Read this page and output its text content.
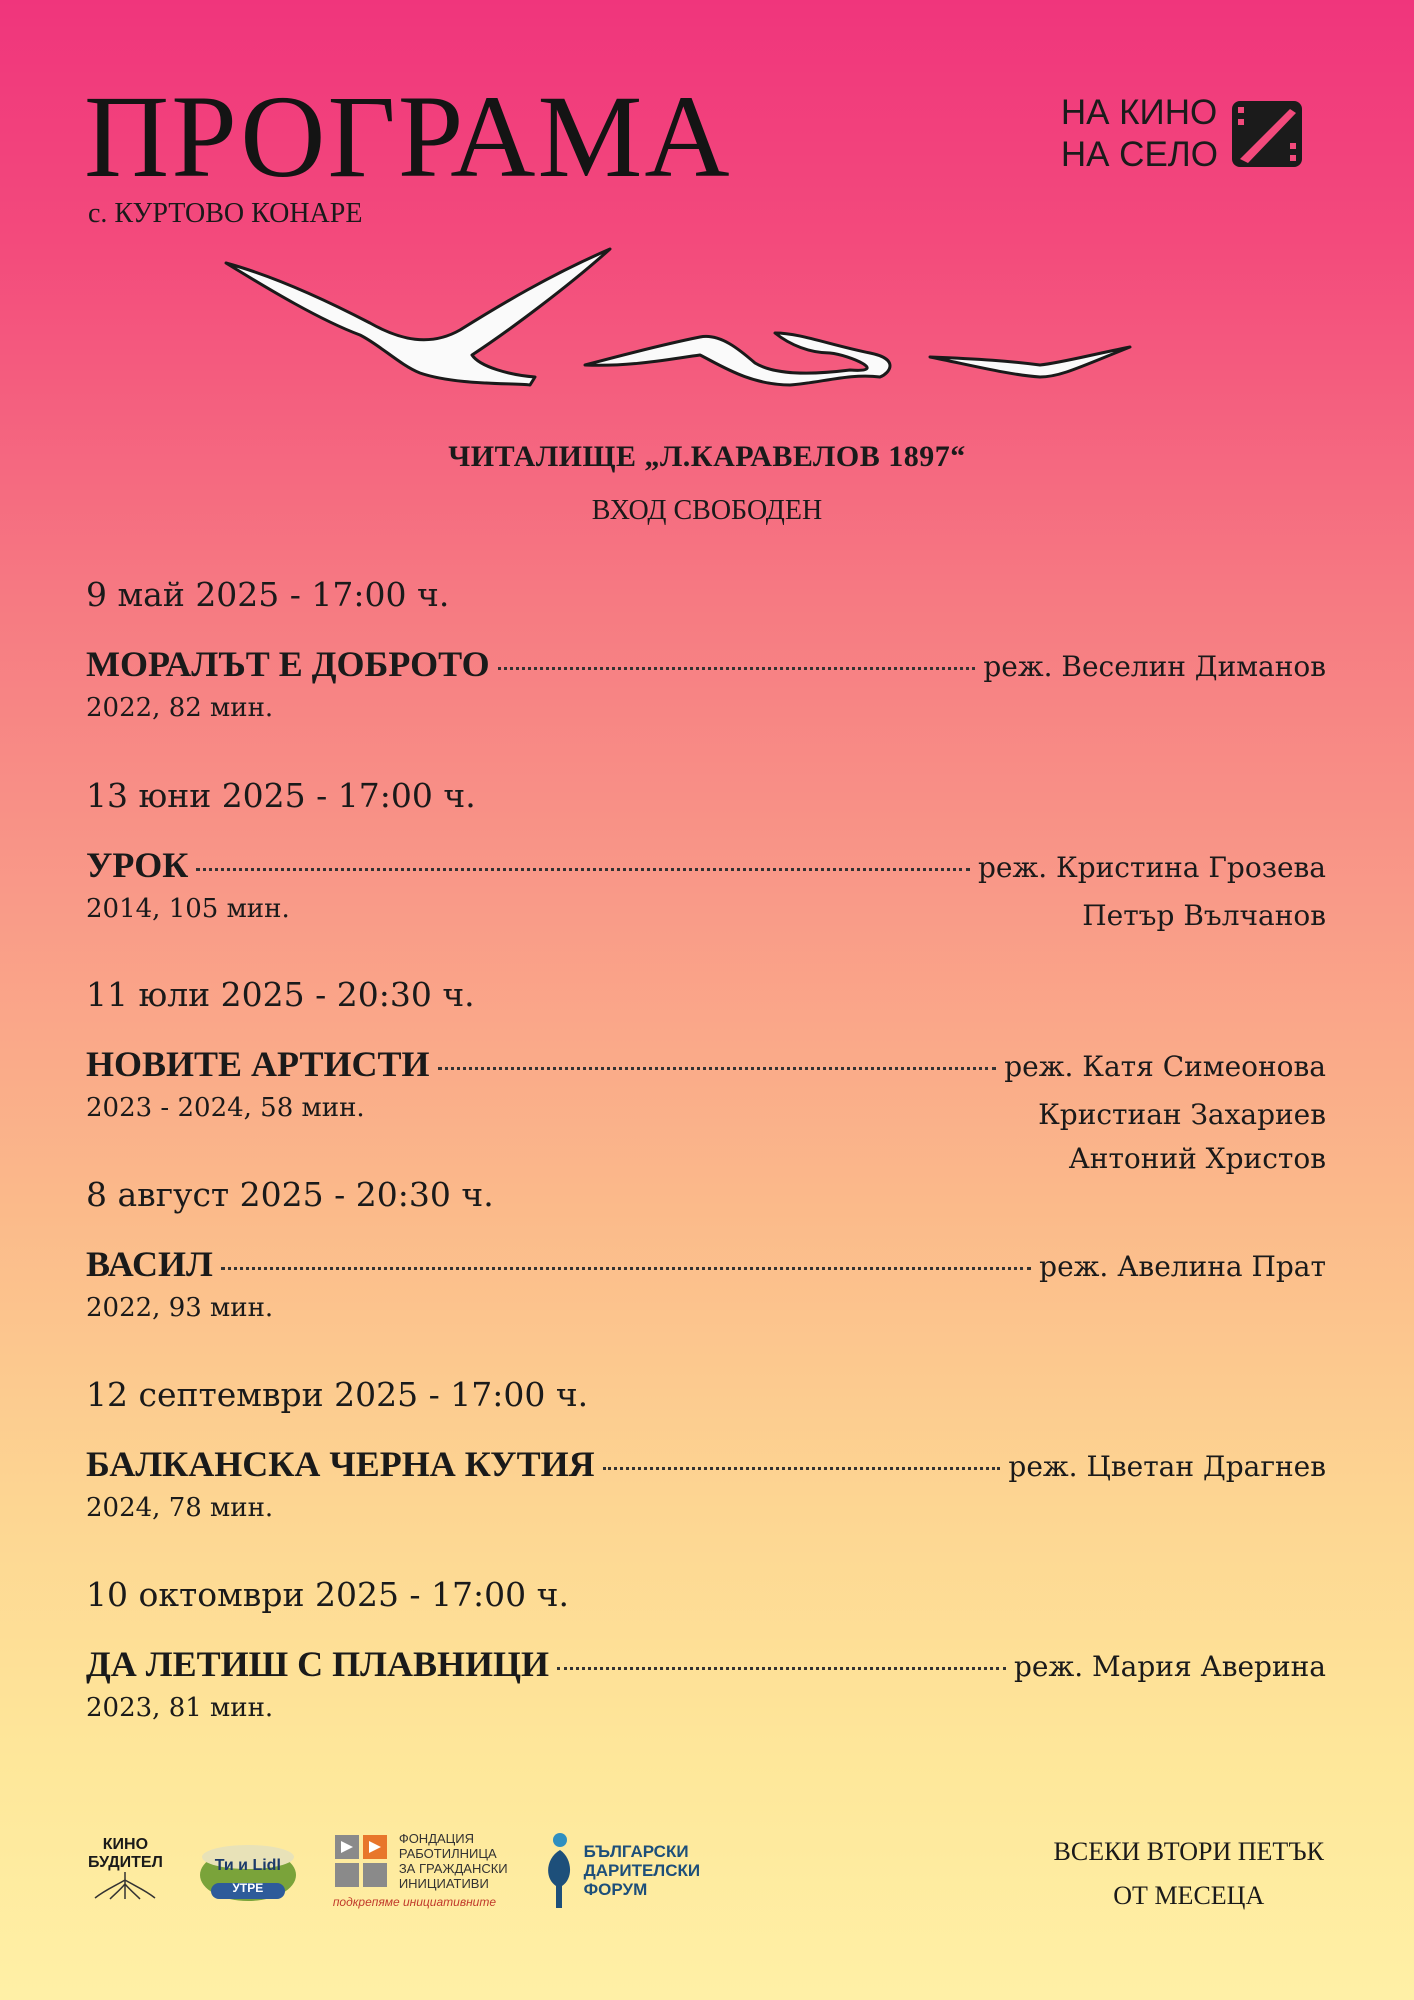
ПРОГРАМА
с. КУРТОВО КОНАРЕ
НА КИНО
НА СЕЛО
ЧИТАЛИЩЕ „Л.КАРАВЕЛОВ 1897“
ВХОД СВОБОДЕН
9 май 2025 - 17:00 ч.
МОРАЛЪТ Е ДОБРОТО	реж. Веселин Диманов
2022, 82 мин.
13 юни 2025 - 17:00 ч.
УРОК	реж. Кристина Грозева
2014, 105 мин.	Петър Вълчанов
11 юли 2025 - 20:30 ч.
НОВИТЕ АРТИСТИ	реж. Катя Симеонова
2023 - 2024, 58 мин.	Кристиан Захариев
Антоний Христов
8 август 2025 - 20:30 ч.
ВАСИЛ	реж. Авелина Прат
2022, 93 мин.
12 септември 2025 - 17:00 ч.
БАЛКАНСКА ЧЕРНА КУТИЯ	реж. Цветан Драгнев
2024, 78 мин.
10 октомври 2025 - 17:00 ч.
ДА ЛЕТИШ С ПЛАВНИЦИ	реж. Мария Аверина
2023, 81 мин.
КИНО
БУДИТЕЛ	Ти и Lidl
УТРЕ
ФОНДАЦИЯ
РАБОТИЛНИЦА
ЗА ГРАЖДАНСКИ
ИНИЦИАТИВИ
подкрепяме инициативните
БЪЛГАРСКИ
ДАРИТЕЛСКИ
ФОРУМ
ВСЕКИ ВТОРИ ПЕТЪК
ОТ МЕСЕЦА
